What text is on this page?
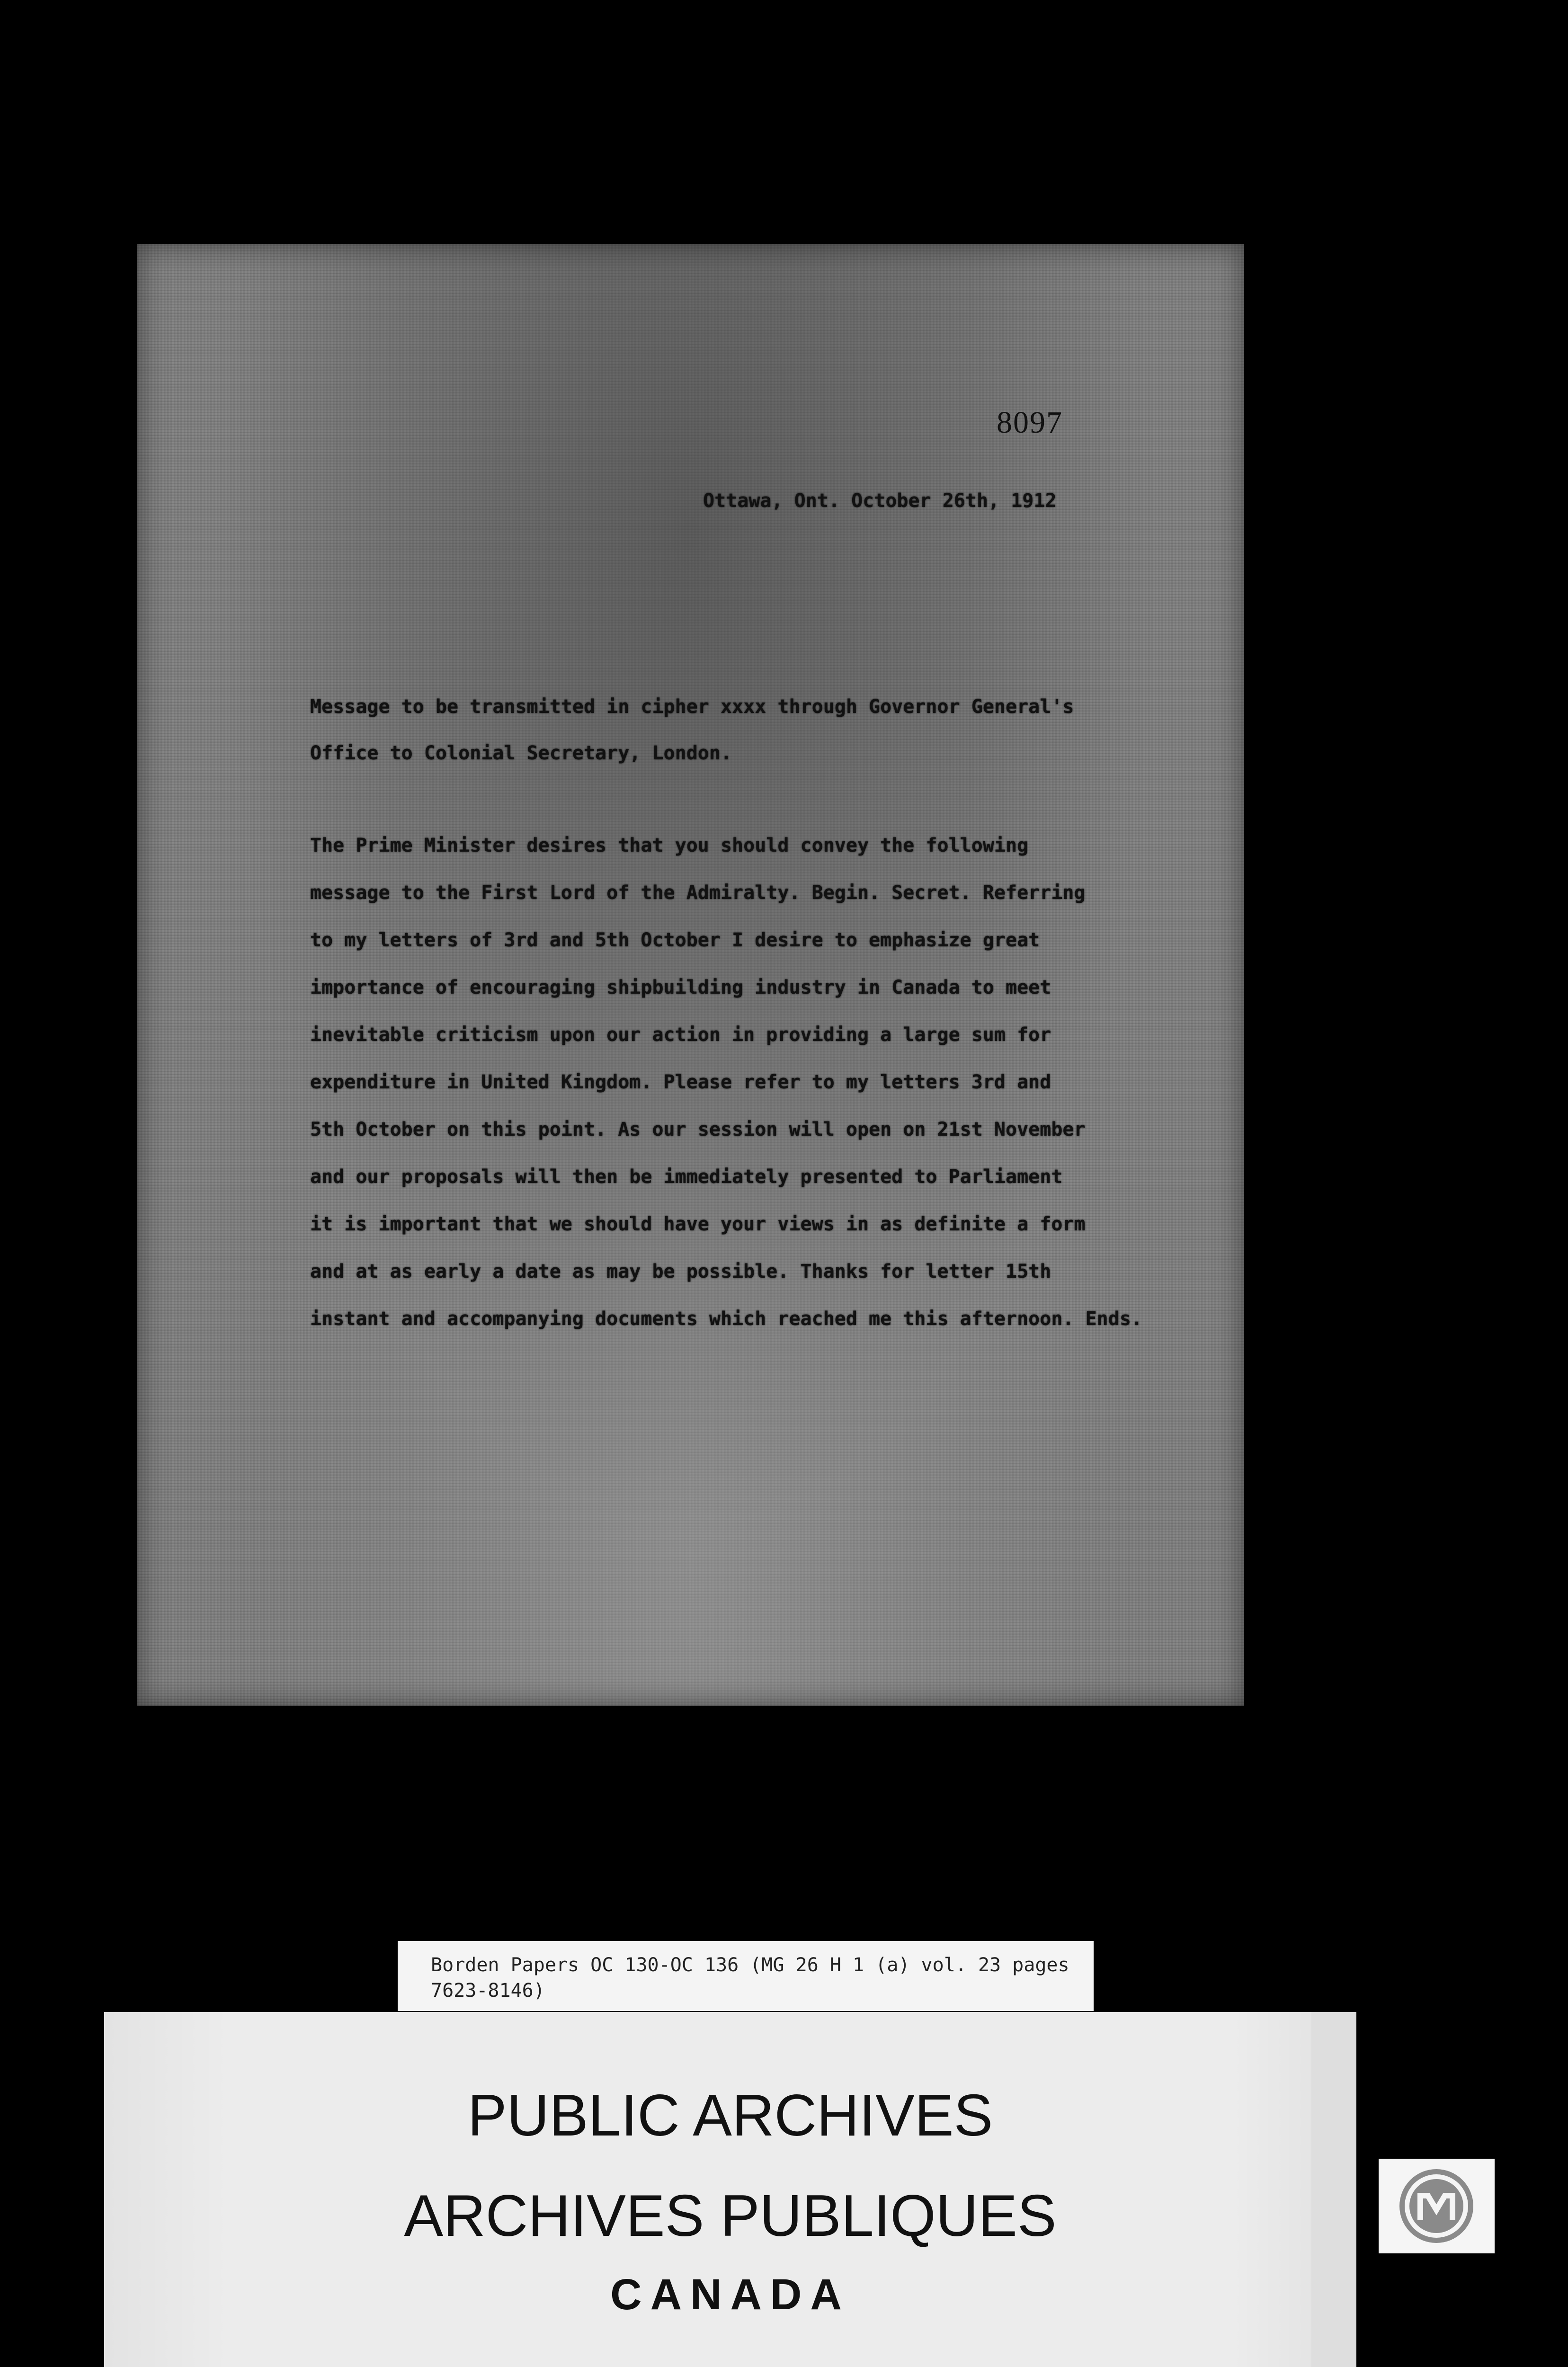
8097
Ottawa, Ont. October 26th, 1912
Message to be transmitted in cipher xxxx through Governor General's
Office to Colonial Secretary, London.
The Prime Minister desires that you should convey the following
message to the First Lord of the Admiralty. Begin. Secret. Referring
to my letters of 3rd and 5th October I desire to emphasize great
importance of encouraging shipbuilding industry in Canada to meet
inevitable criticism upon our action in providing a large sum for
expenditure in United Kingdom. Please refer to my letters 3rd and
5th October on this point. As our session will open on 21st November
and our proposals will then be immediately presented to Parliament
it is important that we should have your views in as definite a form
and at as early a date as may be possible. Thanks for letter 15th
instant and accompanying documents which reached me this afternoon. Ends.
Borden Papers OC 130-OC 136 (MG 26 H 1 (a) vol. 23 pages
7623-8146)
PUBLIC ARCHIVES
ARCHIVES PUBLIQUES
CANADA
